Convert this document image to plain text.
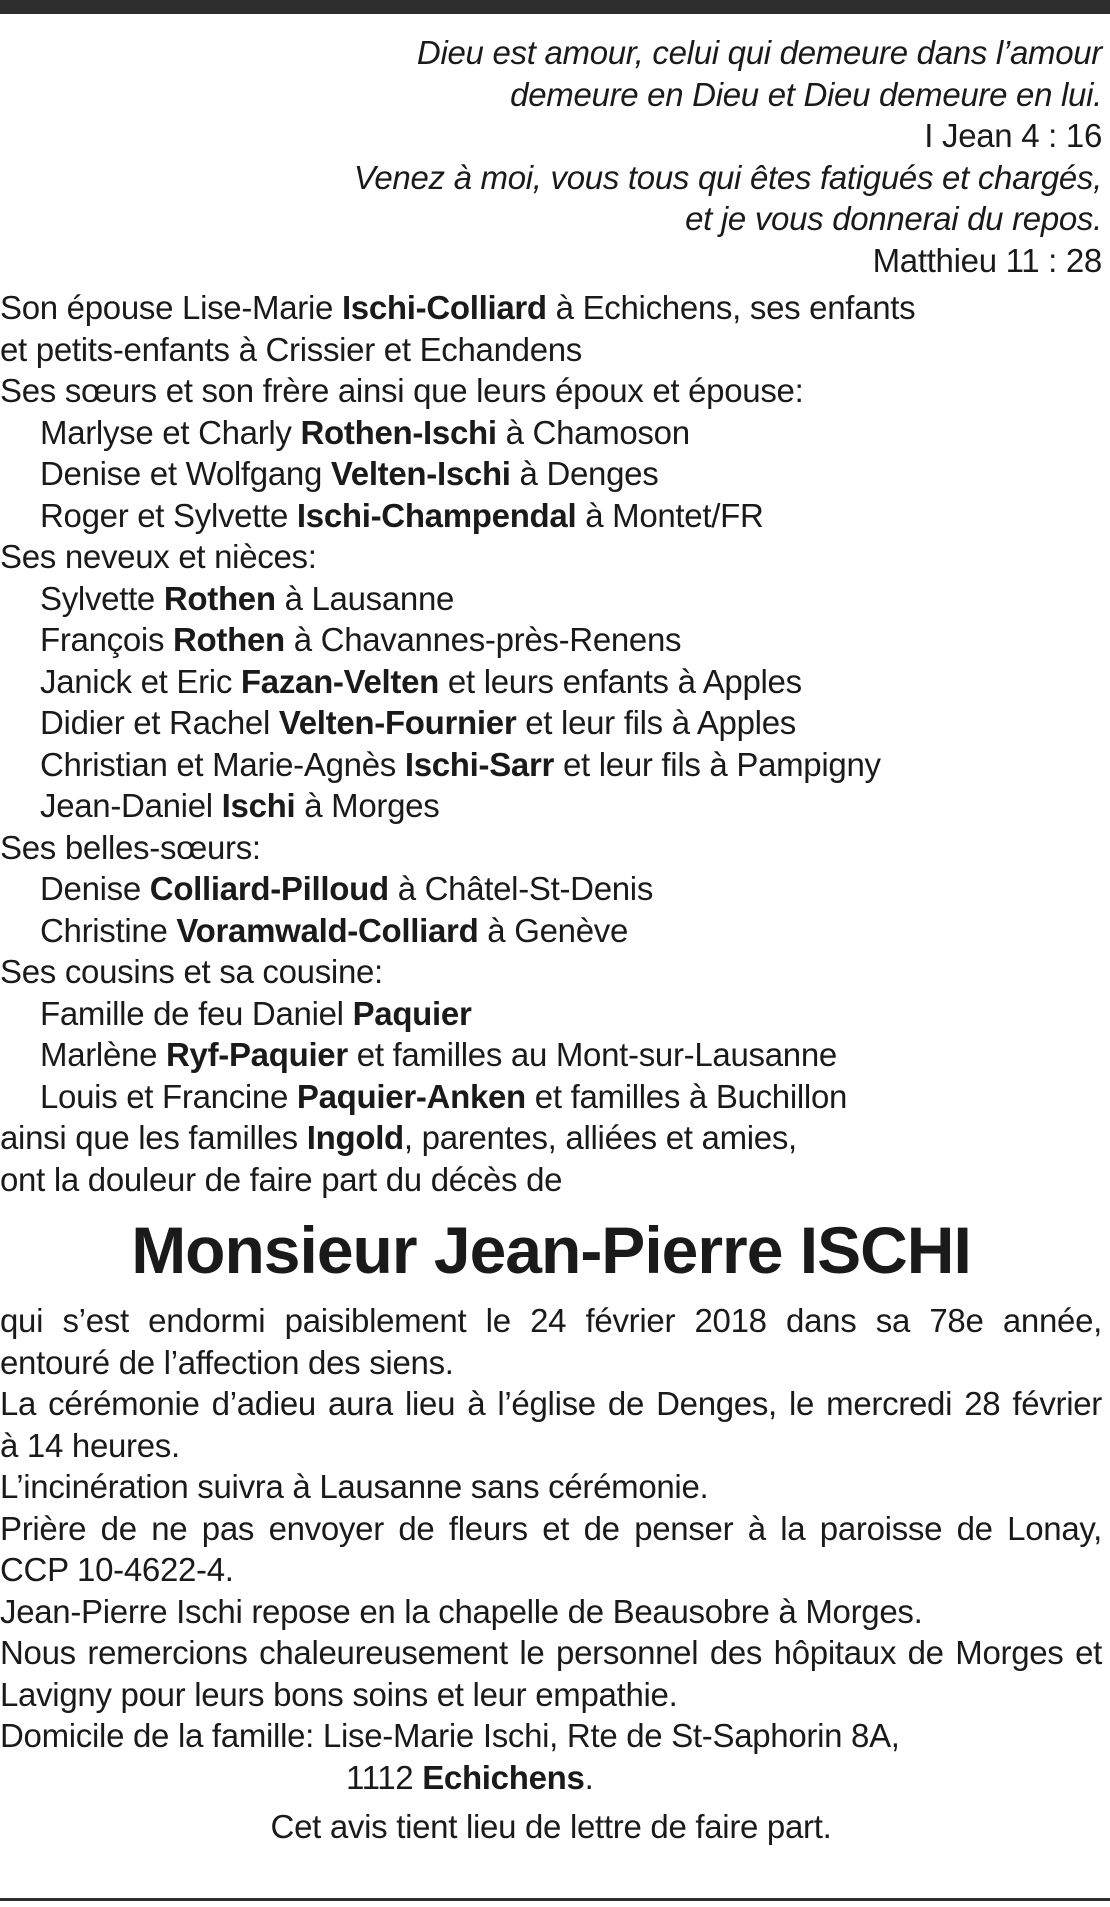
Dieu est amour, celui qui demeure dans l’amour
demeure en Dieu et Dieu demeure en lui.
I Jean 4 : 16
Venez à moi, vous tous qui êtes fatigués et chargés,
et je vous donnerai du repos.
Matthieu 11 : 28
Son épouse Lise-Marie Ischi-Colliard à Echichens, ses enfants
et petits-enfants à Crissier et Echandens
Ses sœurs et son frère ainsi que leurs époux et épouse:
Marlyse et Charly Rothen-Ischi à Chamoson
Denise et Wolfgang Velten-Ischi à Denges
Roger et Sylvette Ischi-Champendal à Montet/FR
Ses neveux et nièces:
Sylvette Rothen à Lausanne
François Rothen à Chavannes-près-Renens
Janick et Eric Fazan-Velten et leurs enfants à Apples
Didier et Rachel Velten-Fournier et leur fils à Apples
Christian et Marie-Agnès Ischi-Sarr et leur fils à Pampigny
Jean-Daniel Ischi à Morges
Ses belles-sœurs:
Denise Colliard-Pilloud à Châtel-St-Denis
Christine Voramwald-Colliard à Genève
Ses cousins et sa cousine:
Famille de feu Daniel Paquier
Marlène Ryf-Paquier et familles au Mont-sur-Lausanne
Louis et Francine Paquier-Anken et familles à Buchillon
ainsi que les familles Ingold, parentes, alliées et amies,
ont la douleur de faire part du décès de
Monsieur Jean-Pierre ISCHI
qui s’est endormi paisiblement le 24 février 2018 dans sa 78e année,
entouré de l’affection des siens.
La cérémonie d’adieu aura lieu à l’église de Denges, le mercredi 28 février
à 14 heures.
L’incinération suivra à Lausanne sans cérémonie.
Prière de ne pas envoyer de fleurs et de penser à la paroisse de Lonay,
CCP 10-4622-4.
Jean-Pierre Ischi repose en la chapelle de Beausobre à Morges.
Nous remercions chaleureusement le personnel des hôpitaux de Morges et
Lavigny pour leurs bons soins et leur empathie.
Domicile de la famille: Lise-Marie Ischi, Rte de St-Saphorin 8A,
1112 Echichens.
Cet avis tient lieu de lettre de faire part.
